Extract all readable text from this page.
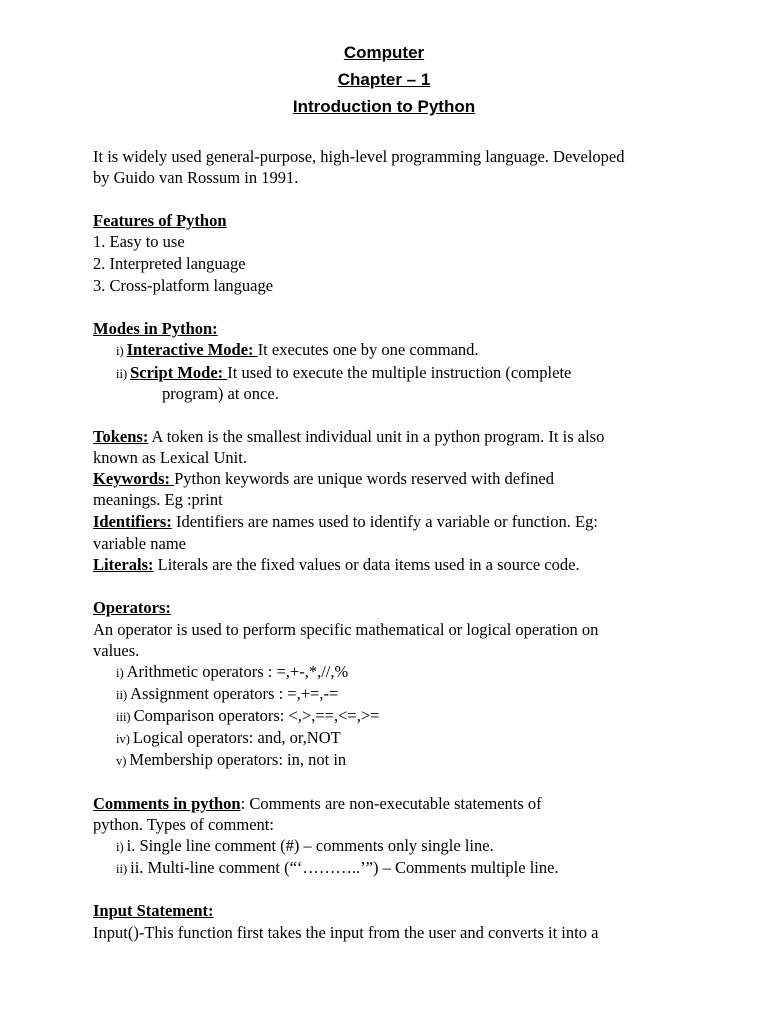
Computer
Chapter – 1
Introduction to Python
It is widely used general-purpose, high-level programming language. Developed
by Guido van Rossum in 1991.
Features of Python
1. Easy to use
2. Interpreted language
3. Cross-platform language
Modes in Python:
i) Interactive Mode: It executes one by one command.
ii) Script Mode: It used to execute the multiple instruction (complete
program) at once.
Tokens: A token is the smallest individual unit in a python program. It is also
known as Lexical Unit.
Keywords: Python keywords are unique words reserved with defined
meanings. Eg :print
Identifiers: Identifiers are names used to identify a variable or function. Eg:
variable name
Literals: Literals are the fixed values or data items used in a source code.
Operators:
An operator is used to perform specific mathematical or logical operation on
values.
i) Arithmetic operators : =,+-,*,//,%
ii) Assignment operators : =,+=,-=
iii) Comparison operators: <,>,==,<=,>=
iv) Logical operators: and, or,NOT
v) Membership operators: in, not in
Comments in python: Comments are non-executable statements of
python. Types of comment:
i) i. Single line comment (#) – comments only single line.
ii) ii. Multi-line comment (“‘………..’”) – Comments multiple line.
Input Statement:
Input()-This function first takes the input from the user and converts it into a
